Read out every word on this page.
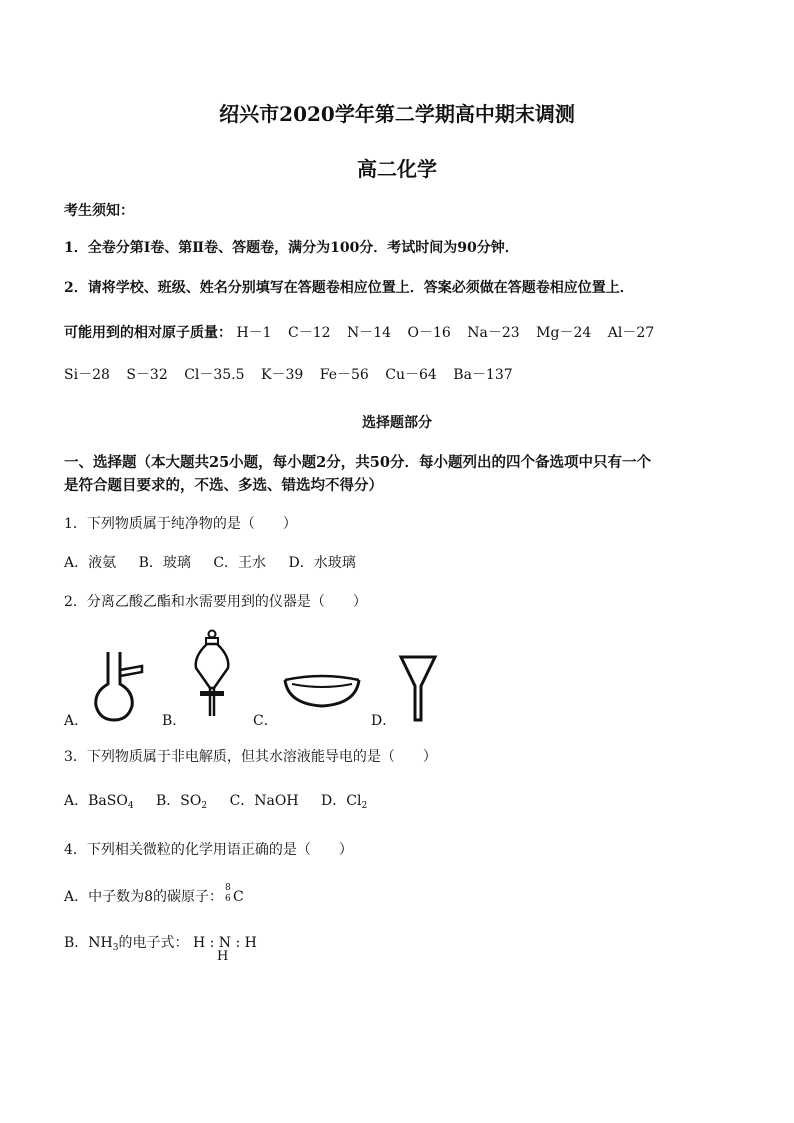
绍兴市2020学年第二学期高中期末调测
高二化学
考生须知：
1．全卷分第Ⅰ卷、第Ⅱ卷、答题卷，满分为100分．考试时间为90分钟．
2．请将学校、班级、姓名分别填写在答题卷相应位置上．答案必须做在答题卷相应位置上．
可能用到的相对原子质量： H－1 C－12 N－14 O－16 Na－23 Mg－24 Al－27
Si－28 S－32 Cl－35.5 K－39 Fe－56 Cu－64 Ba－137
选择题部分
一、选择题（本大题共25小题，每小题2分，共50分．每小题列出的四个备选项中只有一个
是符合题目要求的，不选、多选、错选均不得分）
1．下列物质属于纯净物的是（　　）
A．液氨 B．玻璃 C．王水 D．水玻璃
2．分离乙酸乙酯和水需要用到的仪器是（　　）
A．	B．	C．	D．
3．下列物质属于非电解质，但其水溶液能导电的是（　　）
A．BaSO$_4$ B．$SO_2$ C．NaOH D．$Cl_2$
4．下列相关微粒的化学用语正确的是（　　）
A．中子数为8的碳原子：
8
6 C
B．$NH_3$的电子式： H : N : H
H
